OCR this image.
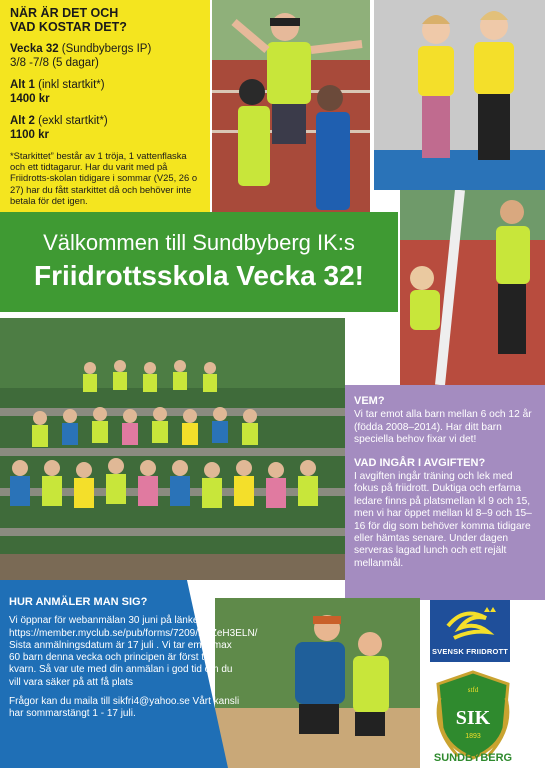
NÄR ÄR DET OCH
VAD KOSTAR DET?
Vecka 32 (Sundbybergs IP)
3/8 -7/8 (5 dagar)
Alt 1 (inkl startkit*)
1400 kr
Alt 2 (exkl startkit*)
1100 kr
*Starkittet” består av 1 tröja, 1 vattenflaska och ett tidtagarur. Har du varit med på Friidrotts-skolan tidigare i sommar (V25, 26 o 27) har du fått starkittet då och behöver inte betala för det igen.
Välkommen till Sundbyberg IK:s
Friidrottsskola Vecka 32!
VEM?

Vi tar emot alla barn mellan 6 och 12 år (födda 2008–2014). Har ditt barn speciella behov fixar vi det!

VAD INGÅR I AVGIFTEN?

I avgiften ingår träning och lek med fokus på friidrott. Duktiga och erfarna ledare finns på platsmellan kl 9 och 15, men vi har öppet mellan kl 8–9 och 15–16 för dig som behöver komma tidigare eller hämtas senare. Under dagen serveras lagad lunch och ett rejält mellanmål.

HUR ANMÄLER MAN SIG?

Vi öppnar för webanmälan 30 juni på länken https://member.myclub.se/pub/forms/7209/NaZeH3ELN/ Sista anmälningsdatum är 17 juli . Vi tar emot max 60 barn denna vecka och principen är först till kvarn. Så var ute med din anmälan i god tid om du vill vara säker på att få plats

Frågor kan du maila till sikfri4@yahoo.se Vårt kansli har sommarstängt 1 - 17 juli.

SVENSK FRIIDROTT
stfd
SIK
1893
SUNDBYBERG
